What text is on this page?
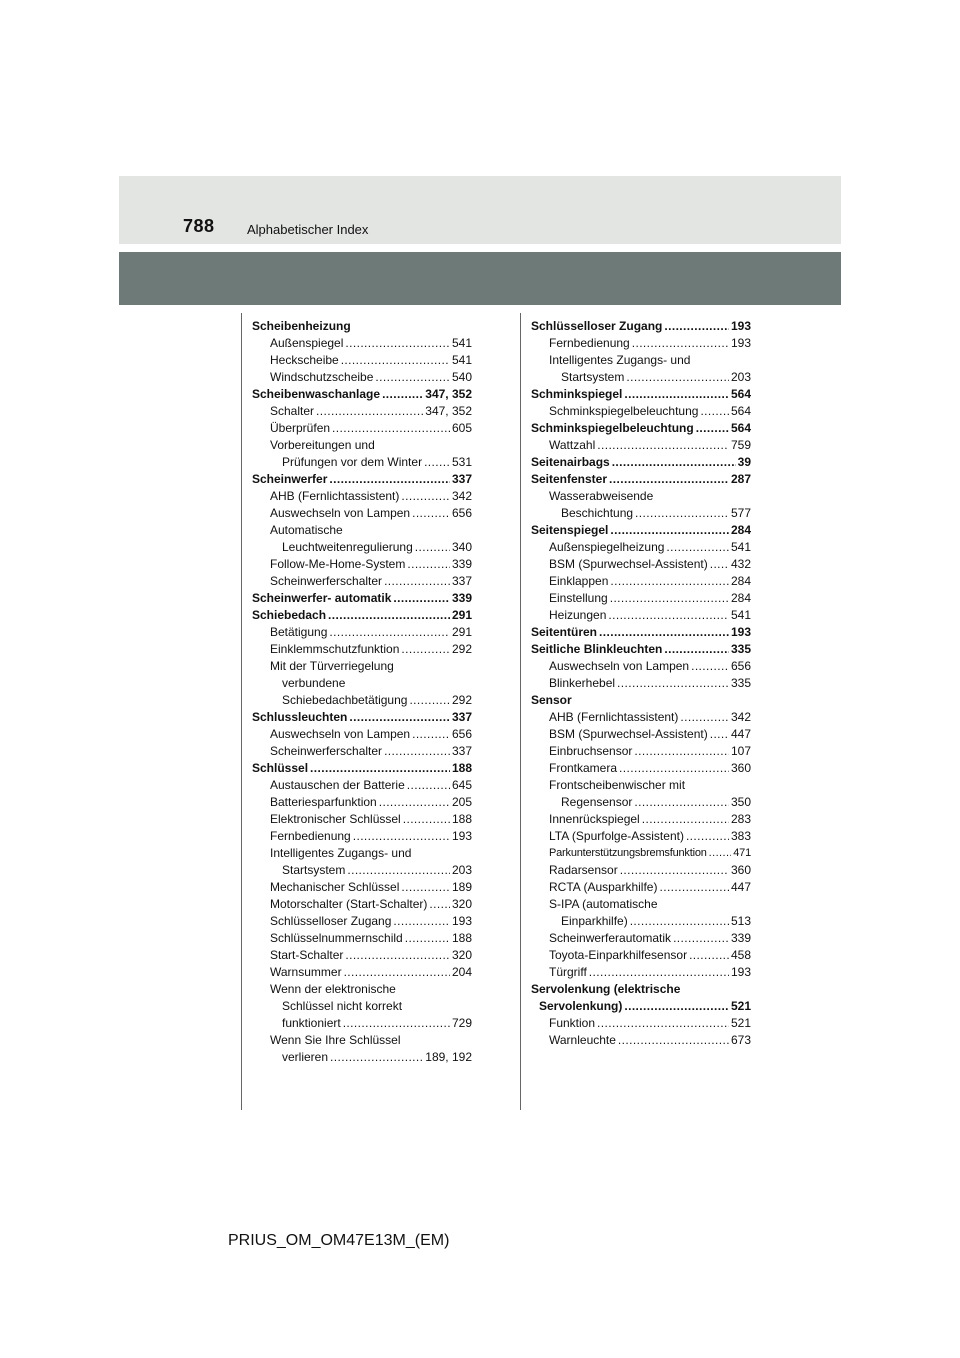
788 Alphabetischer Index
Scheibenheizung
Außenspiegel .....	541
Heckscheibe .....	541
Windschutzscheibe .....	540
Scheibenwaschanlage .....	347, 352
Schalter .....	347, 352
Überprüfen .....	605
Vorbereitungen und
Prüfungen vor dem Winter ..... 531
Scheinwerfer .....	337
AHB (Fernlichtassistent) .....	342
Auswechseln von Lampen .....	656
Automatische
Leuchtweitenregulierung .....	340
Follow-Me-Home-System .....	339
Scheinwerferschalter .....	337
Scheinwerfer- automatik .....	339
Schiebedach .....	291
Betätigung .....	291
Einklemmschutzfunktion .....	292
Mit der Türverriegelung
verbundene
Schiebedachbetätigung .....	292
Schlussleuchten .....	337
Auswechseln von Lampen .....	656
Scheinwerferschalter .....	337
Schlüssel .....	188
Austauschen der Batterie .....	645
Batteriesparfunktion .....	205
Elektronischer Schlüssel .....	188
Fernbedienung .....	193
Intelligentes Zugangs- und
Startsystem .....	203
Mechanischer Schlüssel .....	189
Motorschalter (Start-Schalter) ..... 320
Schlüsselloser Zugang .....	193
Schlüsselnummernschild .....	188
Start-Schalter .....	320
Warnsummer .....	204
Wenn der elektronische
Schlüssel nicht korrekt
funktioniert .....	729
Wenn Sie Ihre Schlüssel
verlieren .....	189, 192
Schlüsselloser Zugang .....	193
Fernbedienung .....	193
Intelligentes Zugangs- und
Startsystem .....	203
Schminkspiegel .....	564
Schminkspiegelbeleuchtung .....	564
Schminkspiegelbeleuchtung .....	564
Wattzahl .....	759
Seitenairbags .....	39
Seitenfenster .....	287
Wasserabweisende
Beschichtung .....	577
Seitenspiegel .....	284
Außenspiegelheizung .....	541
BSM (Spurwechsel-Assistent) ..... 432
Einklappen .....	284
Einstellung .....	284
Heizungen .....	541
Seitentüren .....	193
Seitliche Blinkleuchten .....	335
Auswechseln von Lampen .....	656
Blinkerhebel .....	335
Sensor
AHB (Fernlichtassistent) .....	342
BSM (Spurwechsel-Assistent) ..... 447
Einbruchsensor .....	107
Frontkamera .....	360
Frontscheibenwischer mit
Regensensor .....	350
Innenrückspiegel .....	283
LTA (Spurfolge-Assistent) .....	383
Parkunterstützungsbremsfunktion ..... 471
Radarsensor .....	360
RCTA (Ausparkhilfe) .....	447
S-IPA (automatische
Einparkhilfe) .....	513
Scheinwerferautomatik .....	339
Toyota-Einparkhilfesensor .....	458
Türgriff .....	193
Servolenkung (elektrische
Servolenkung) .....	521
Funktion .....	521
Warnleuchte .....	673
PRIUS_OM_OM47E13M_(EM)
